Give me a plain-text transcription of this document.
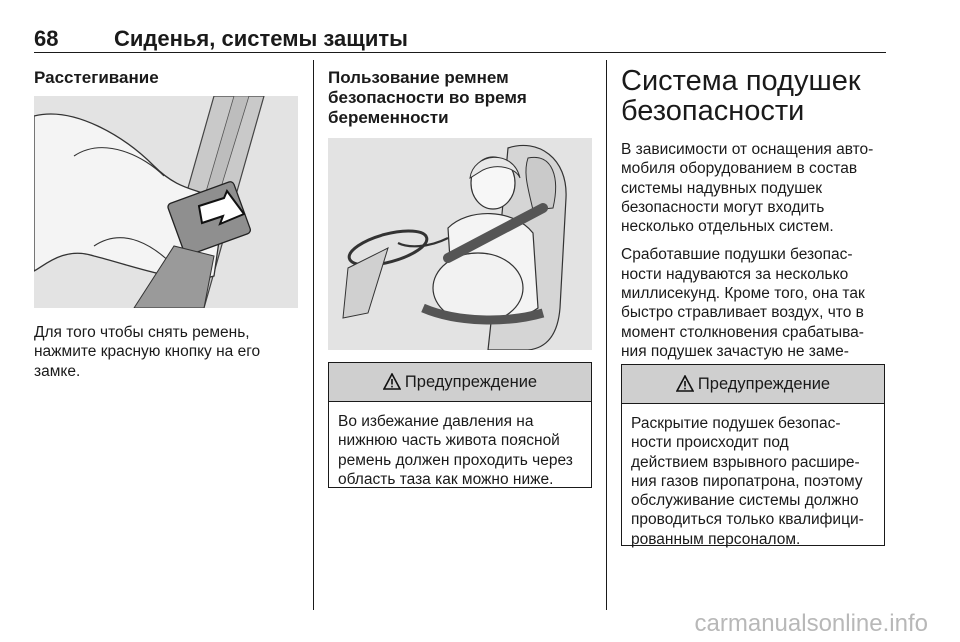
68	Сиденья, системы защиты

Расстегивание

Для того чтобы снять ремень,

нажмите красную кнопку на его

замке.

Пользование ремнем

безопасности во время

беременности

Предупреждение
Во избежание давления на
нижнюю часть живота поясной
ремень должен проходить через
область таза как можно ниже.

Система подушек

безопасности

В зависимости от оснащения авто-

мобиля оборудованием в состав

системы надувных подушек

безопасности могут входить

несколько отдельных систем.

Сработавшие подушки безопас-

ности надуваются за несколько

миллисекунд. Кроме того, она так

быстро стравливает воздух, что в

момент столкновения срабатыва-

ния подушек зачастую не заме-

Предупреждение
Раскрытие подушек безопас-
ности происходит под
действием взрывного расшире-
ния газов пиропатрона, поэтому
обслуживание системы должно
проводиться только квалифици-
рованным персоналом.
carmanualsonline.info
